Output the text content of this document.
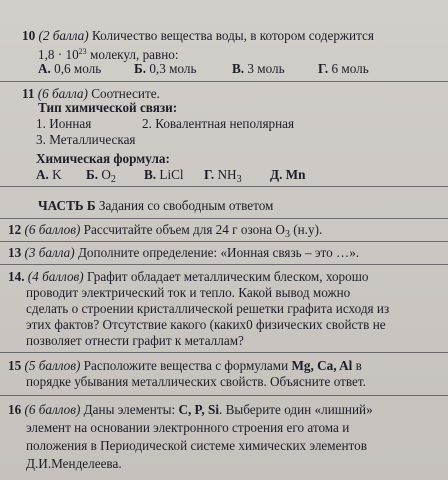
10 (2 балла) Количество вещества воды, в котором содержится
$1,8 \cdot 10^{23}$ молекул, равно:
А. 0,6 моль Б. 0,3 моль	В. 3 моль	Г. 6 моль
11 (6 балла) Соотнесите.
Тип химической связи:
1. Ионная	2. Ковалентная неполярная
3. Металлическая
Химическая формула:
А. K Б. $O_2$ В. LiCl Г. $NH_3$ Д. Mn
ЧАСТЬ Б Задания со свободным ответом
12 (6 баллов) Рассчитайте объем для 24 г озона $O_3$ (н.у).
13 (3 балла) Дополните определение: «Ионная связь – это …».
14. (4 баллов) Графит обладает металлическим блеском, хорошо
проводит электрический ток и тепло. Какой вывод можно
сделать о строении кристаллической решетки графита исходя из
этих фактов? Отсутствие какого (каких0 физических свойств не
позволяет отнести графит к металлам?
15 (5 баллов) Расположите вещества с формулами Mg, Ca, Al в
порядке убывания металлических свойств. Объясните ответ.
16 (6 баллов) Даны элементы: C, P, Si. Выберите один «лишний»
элемент на основании электронного строения его атома и
положения в Периодической системе химических элементов
Д.И.Менделеева.
